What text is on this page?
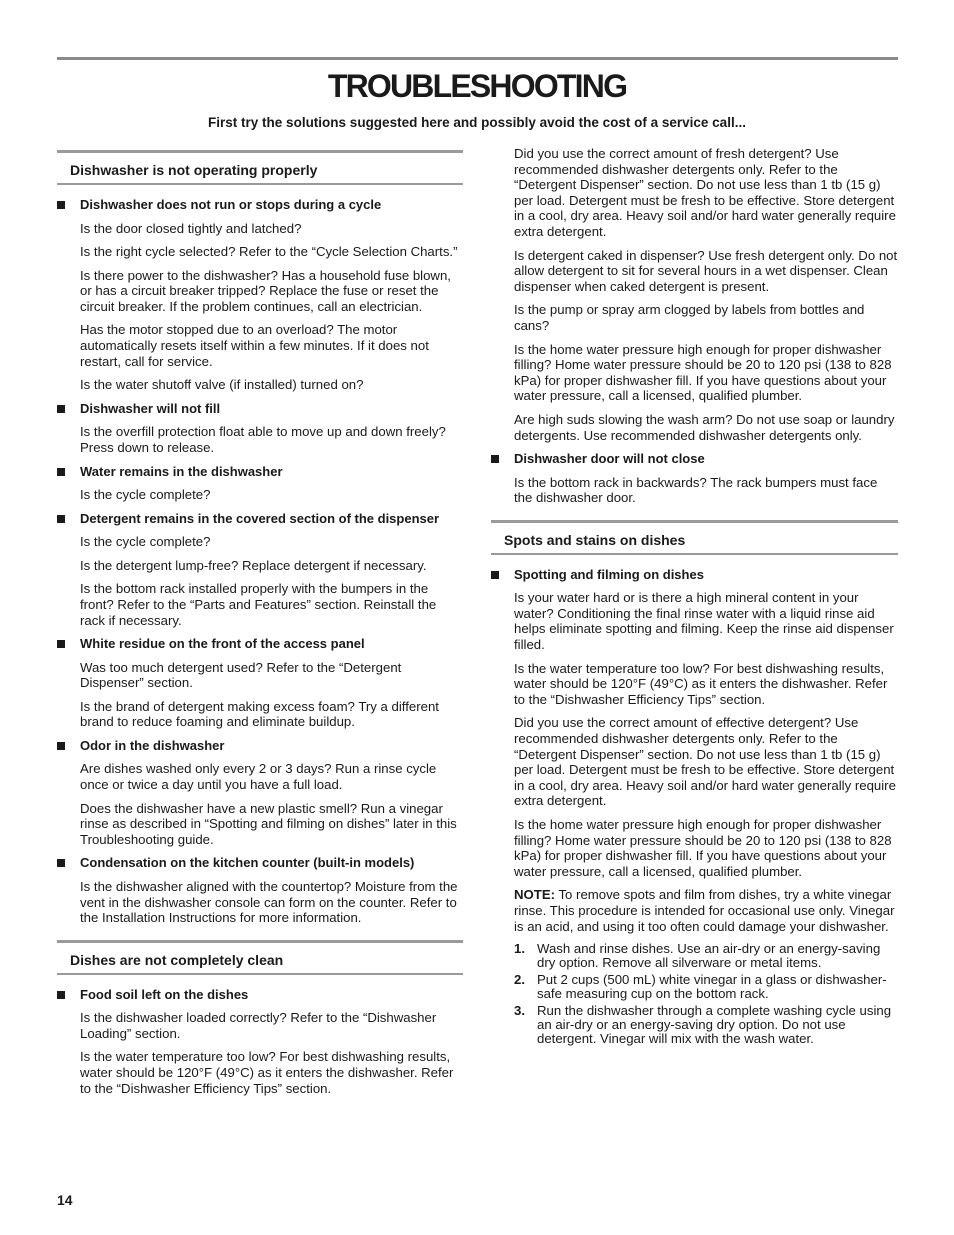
TROUBLESHOOTING

First try the solutions suggested here and possibly avoid the cost of a service call...

Dishwasher is not operating properly
Dishwasher does not run or stops during a cycle

Is the door closed tightly and latched?

Is the right cycle selected? Refer to the “Cycle Selection Charts.”

Is there power to the dishwasher? Has a household fuse blown, or has a circuit breaker tripped? Replace the fuse or reset the circuit breaker. If the problem continues, call an electrician.

Has the motor stopped due to an overload? The motor automatically resets itself within a few minutes. If it does not restart, call for service.

Is the water shutoff valve (if installed) turned on?

Dishwasher will not fill

Is the overfill protection float able to move up and down freely? Press down to release.

Water remains in the dishwasher

Is the cycle complete?

Detergent remains in the covered section of the dispenser

Is the cycle complete?

Is the detergent lump-free? Replace detergent if necessary.

Is the bottom rack installed properly with the bumpers in the front? Refer to the “Parts and Features” section. Reinstall the rack if necessary.

White residue on the front of the access panel

Was too much detergent used? Refer to the “Detergent Dispenser” section.

Is the brand of detergent making excess foam? Try a different brand to reduce foaming and eliminate buildup.

Odor in the dishwasher

Are dishes washed only every 2 or 3 days? Run a rinse cycle once or twice a day until you have a full load.

Does the dishwasher have a new plastic smell? Run a vinegar rinse as described in “Spotting and filming on dishes” later in this Troubleshooting guide.

Condensation on the kitchen counter (built-in models)

Is the dishwasher aligned with the countertop? Moisture from the vent in the dishwasher console can form on the counter. Refer to the Installation Instructions for more information.

Dishes are not completely clean
Food soil left on the dishes

Is the dishwasher loaded correctly? Refer to the “Dishwasher Loading” section.

Is the water temperature too low? For best dishwashing results, water should be 120°F (49°C) as it enters the dishwasher. Refer to the “Dishwasher Efficiency Tips” section.

Did you use the correct amount of fresh detergent? Use recommended dishwasher detergents only. Refer to the “Detergent Dispenser” section. Do not use less than 1 tb (15 g) per load. Detergent must be fresh to be effective. Store detergent in a cool, dry area. Heavy soil and/or hard water generally require extra detergent.

Is detergent caked in dispenser? Use fresh detergent only. Do not allow detergent to sit for several hours in a wet dispenser. Clean dispenser when caked detergent is present.

Is the pump or spray arm clogged by labels from bottles and cans?

Is the home water pressure high enough for proper dishwasher filling? Home water pressure should be 20 to 120 psi (138 to 828 kPa) for proper dishwasher fill. If you have questions about your water pressure, call a licensed, qualified plumber.

Are high suds slowing the wash arm? Do not use soap or laundry detergents. Use recommended dishwasher detergents only.

Dishwasher door will not close

Is the bottom rack in backwards? The rack bumpers must face the dishwasher door.

Spots and stains on dishes
Spotting and filming on dishes

Is your water hard or is there a high mineral content in your water? Conditioning the final rinse water with a liquid rinse aid helps eliminate spotting and filming. Keep the rinse aid dispenser filled.

Is the water temperature too low? For best dishwashing results, water should be 120°F (49°C) as it enters the dishwasher. Refer to the “Dishwasher Efficiency Tips” section.

Did you use the correct amount of effective detergent? Use recommended dishwasher detergents only. Refer to the “Detergent Dispenser” section. Do not use less than 1 tb (15 g) per load. Detergent must be fresh to be effective. Store detergent in a cool, dry area. Heavy soil and/or hard water generally require extra detergent.

Is the home water pressure high enough for proper dishwasher filling? Home water pressure should be 20 to 120 psi (138 to 828 kPa) for proper dishwasher fill. If you have questions about your water pressure, call a licensed, qualified plumber.

NOTE: To remove spots and film from dishes, try a white vinegar rinse. This procedure is intended for occasional use only. Vinegar is an acid, and using it too often could damage your dishwasher.

1. Wash and rinse dishes. Use an air-dry or an energy-saving dry option. Remove all silverware or metal items.
2. Put 2 cups (500 mL) white vinegar in a glass or dishwasher-safe measuring cup on the bottom rack.
3. Run the dishwasher through a complete washing cycle using an air-dry or an energy-saving dry option. Do not use detergent. Vinegar will mix with the wash water.
14
